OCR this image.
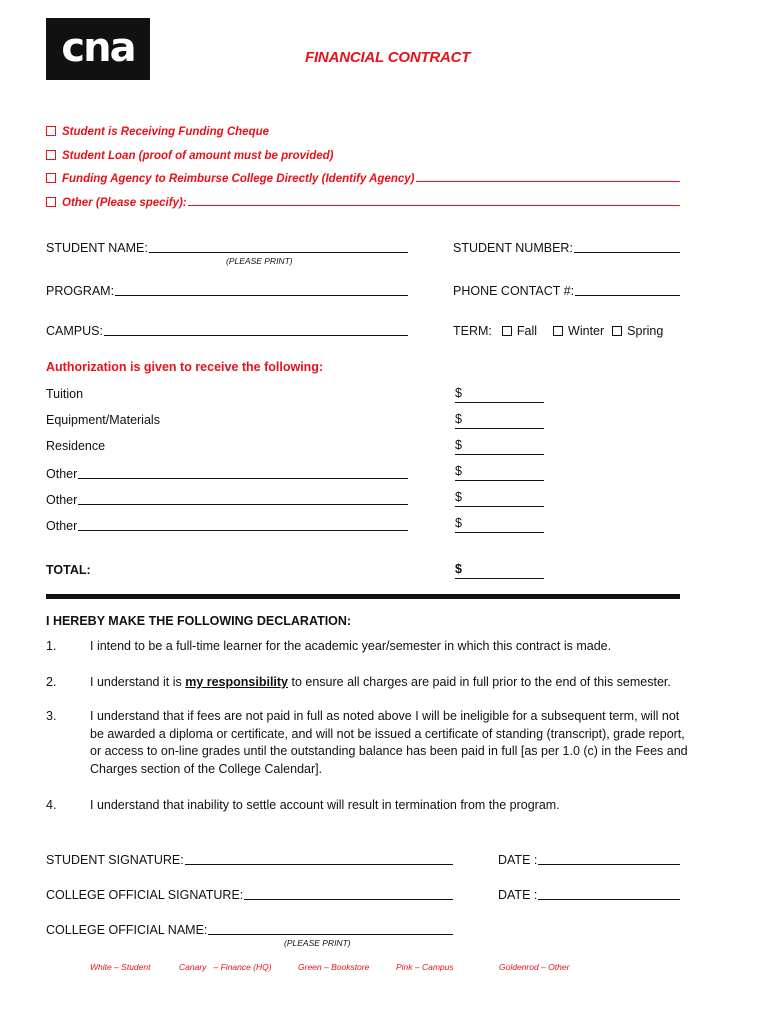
cna	FINANCIAL CONTRACT
Student is Receiving Funding Cheque
Student Loan (proof of amount must be provided)
Funding Agency to Reimburse College Directly (Identify Agency)
Other (Please specify):
STUDENT NAME:
(PLEASE PRINT)
STUDENT NUMBER:
PROGRAM:	PHONE CONTACT #:
CAMPUS:	TERM: Fall Winter Spring
Authorization is given to receive the following:
Tuition	$
Equipment/Materials	$
Residence	$
Other	$
Other	$
Other	$
TOTAL:	$
I HEREBY MAKE THE FOLLOWING DECLARATION:
1.	I intend to be a full-time learner for the academic year/semester in which this contract is made.
2.	I understand it is my responsibility to ensure all charges are paid in full prior to the end of this semester.
3.	I understand that if fees are not paid in full as noted above I will be ineligible for a subsequent term, will not be awarded a diploma or certificate, and will not be issued a certificate of standing (transcript), grade report, or access to on-line grades until the outstanding balance has been paid in full [as per 1.0 (c) in the Fees and Charges section of the College Calendar].
4.	I understand that inability to settle account will result in termination from the program.
STUDENT SIGNATURE:	DATE :
COLLEGE OFFICIAL SIGNATURE:	DATE :
COLLEGE OFFICIAL NAME:
(PLEASE PRINT)
White – Student	Canary   – Finance (HQ)	Green – Bookstore	Pink – Campus	Goldenrod – Other
